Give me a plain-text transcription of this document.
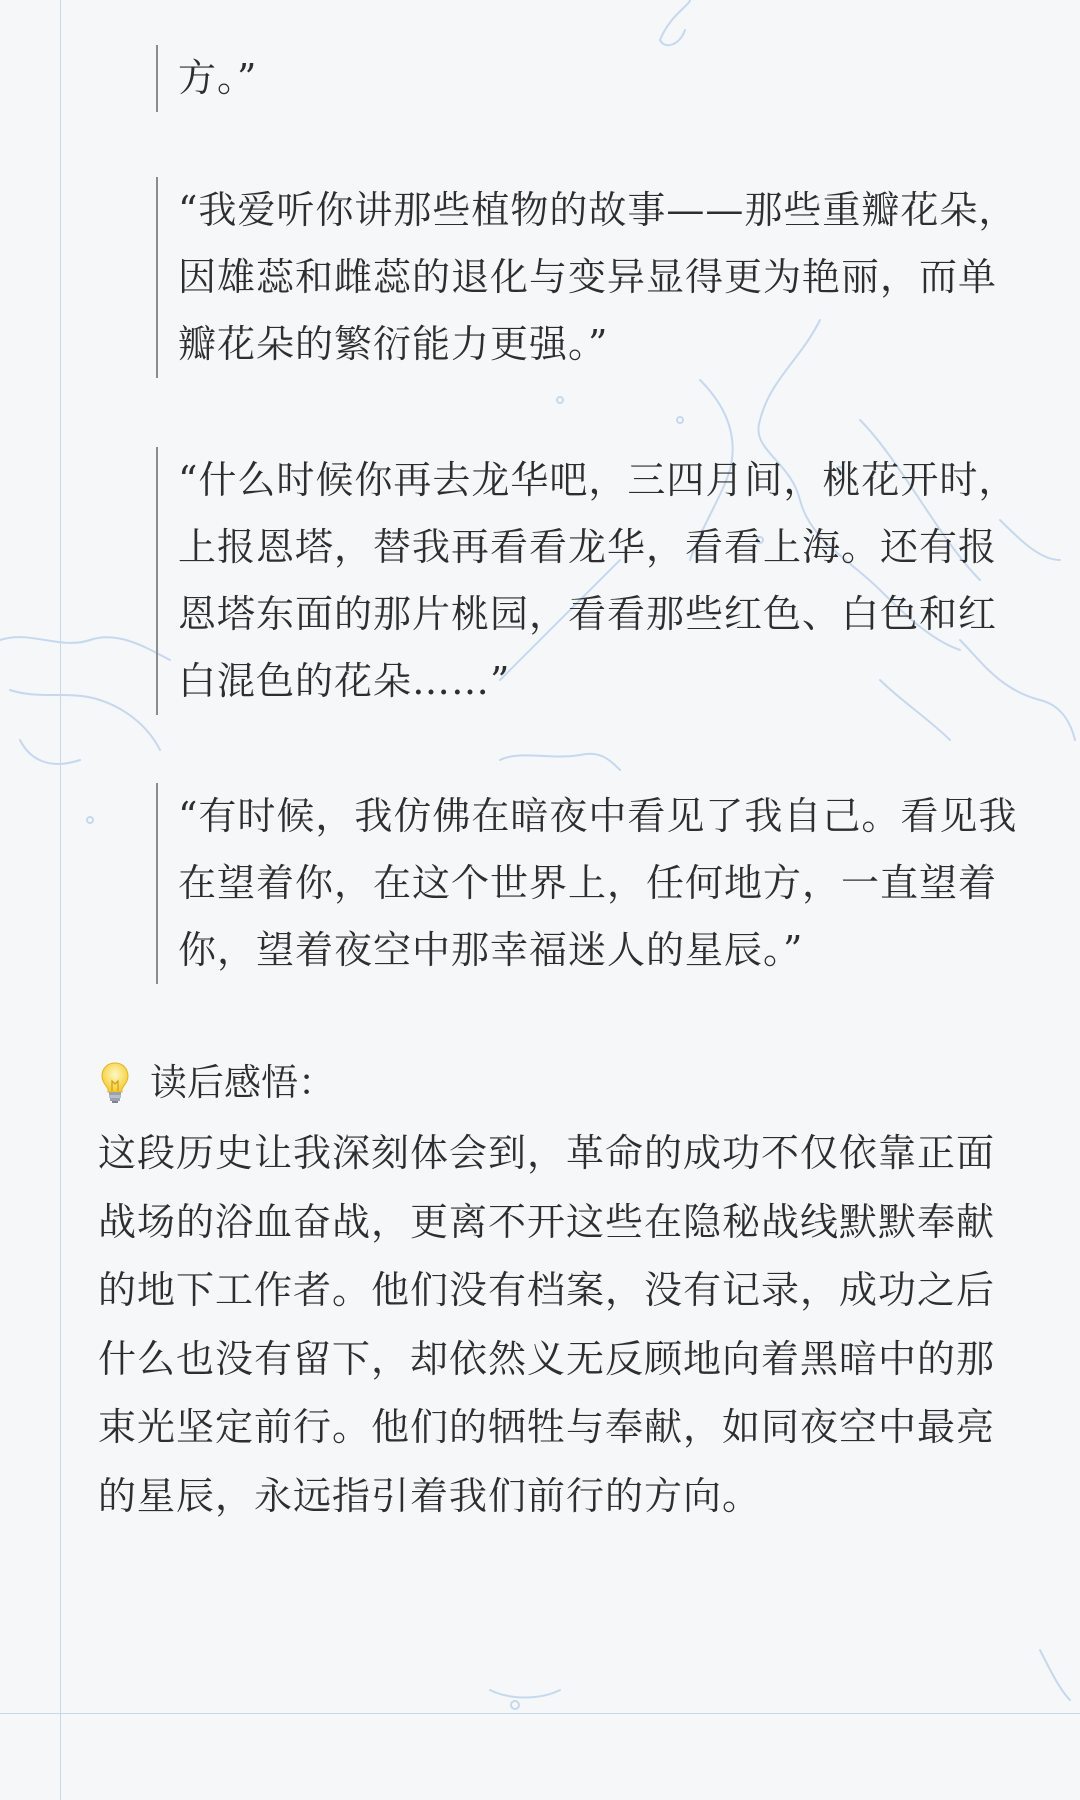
方。”

“我爱听你讲那些植物的故事——那些重瓣花朵，因雄蕊和雌蕊的退化与变异显得更为艳丽，而单瓣花朵的繁衍能力更强。”

“什么时候你再去龙华吧，三四月间，桃花开时，上报恩塔，替我再看看龙华，看看上海。还有报恩塔东面的那片桃园，看看那些红色、白色和红白混色的花朵……”

“有时候，我仿佛在暗夜中看见了我自己。看见我在望着你，在这个世界上，任何地方，一直望着你，望着夜空中那幸福迷人的星辰。”

读后感悟：

这段历史让我深刻体会到，革命的成功不仅依靠正面战场的浴血奋战，更离不开这些在隐秘战线默默奉献的地下工作者。他们没有档案，没有记录，成功之后什么也没有留下，却依然义无反顾地向着黑暗中的那束光坚定前行。他们的牺牲与奉献，如同夜空中最亮的星辰，永远指引着我们前行的方向。
